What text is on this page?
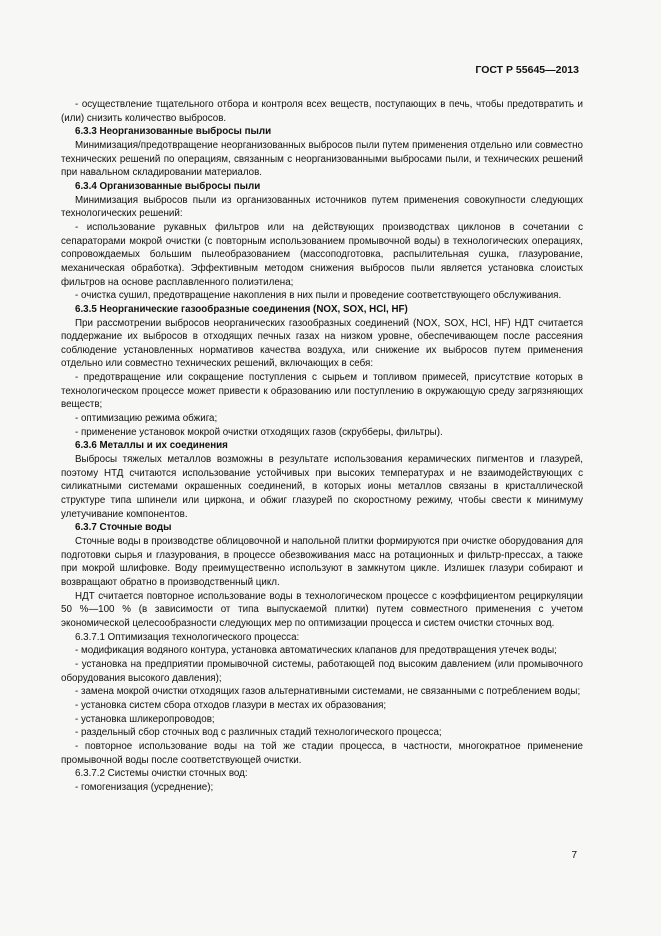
ГОСТ Р 55645—2013

- осуществление тщательного отбора и контроля всех веществ, поступающих в печь, чтобы предотвратить и (или) снизить количество выбросов.

6.3.3 Неорганизованные выбросы пыли

Минимизация/предотвращение неорганизованных выбросов пыли путем применения отдельно или совместно технических решений по операциям, связанным с неорганизованными выбросами пыли, и технических решений при навальном складировании материалов.

6.3.4 Организованные выбросы пыли

Минимизация выбросов пыли из организованных источников путем применения совокупности следующих технологических решений:

- использование рукавных фильтров или на действующих производствах циклонов в сочетании с сепараторами мокрой очистки (с повторным использованием промывочной воды) в технологических операциях, сопровождаемых большим пылеобразованием (массоподготовка, распылительная сушка, глазурование, механическая обработка). Эффективным методом снижения выбросов пыли является установка слоистых фильтров на основе расплавленного полиэтилена;

- очистка сушил, предотвращение накопления в них пыли и проведение соответствующего обслуживания.

6.3.5 Неорганические газообразные соединения (NOX, SOX, HCl, HF)

При рассмотрении выбросов неорганических газообразных соединений (NOX, SOX, HCl, HF) НДТ считается поддержание их выбросов в отходящих печных газах на низком уровне, обеспечивающем после рассеяния соблюдение установленных нормативов качества воздуха, или снижение их выбросов путем применения отдельно или совместно технических решений, включающих в себя:

- предотвращение или сокращение поступления с сырьем и топливом примесей, присутствие которых в технологическом процессе может привести к образованию или поступлению в окружающую среду загрязняющих веществ;

- оптимизацию режима обжига;

- применение установок мокрой очистки отходящих газов (скрубберы, фильтры).

6.3.6 Металлы и их соединения

Выбросы тяжелых металлов возможны в результате использования керамических пигментов и глазурей, поэтому НТД считаются использование устойчивых при высоких температурах и не взаимодействующих с силикатными системами окрашенных соединений, в которых ионы металлов связаны в кристаллической структуре типа шпинели или циркона, и обжиг глазурей по скоростному режиму, чтобы свести к минимуму улетучивание компонентов.

6.3.7 Сточные воды

Сточные воды в производстве облицовочной и напольной плитки формируются при очистке оборудования для подготовки сырья и глазурования, в процессе обезвоживания масс на ротационных и фильтр-прессах, а также при мокрой шлифовке. Воду преимущественно используют в замкнутом цикле. Излишек глазури собирают и возвращают обратно в производственный цикл.

НДТ считается повторное использование воды в технологическом процессе с коэффициентом рециркуляции 50 %—100 % (в зависимости от типа выпускаемой плитки) путем совместного применения с учетом экономической целесообразности следующих мер по оптимизации процесса и систем очистки сточных вод.

6.3.7.1 Оптимизация технологического процесса:

- модификация водяного контура, установка автоматических клапанов для предотвращения утечек воды;

- установка на предприятии промывочной системы, работающей под высоким давлением (или промывочного оборудования высокого давления);

- замена мокрой очистки отходящих газов альтернативными системами, не связанными с потреблением воды;

- установка систем сбора отходов глазури в местах их образования;

- установка шликеропроводов;

- раздельный сбор сточных вод с различных стадий технологического процесса;

- повторное использование воды на той же стадии процесса, в частности, многократное применение промывочной воды после соответствующей очистки.

6.3.7.2 Системы очистки сточных вод:

- гомогенизация (усреднение);

7
